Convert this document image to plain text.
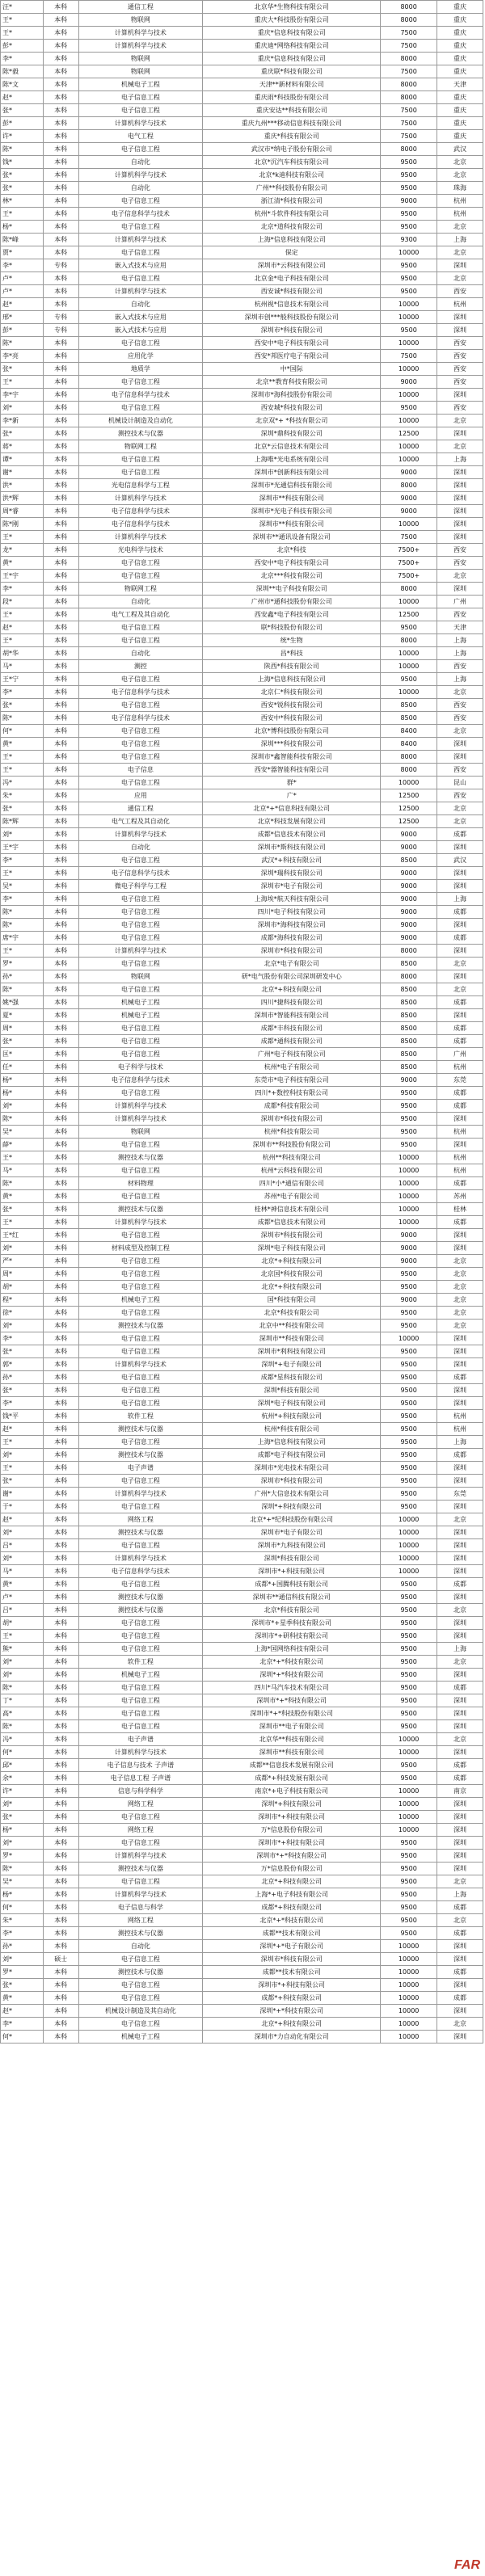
汪*	本科	通信工程	北京华*生物科技有限公司	8000	重庆
王*	本科	物联网	重庆大*科技股份有限公司	8000	重庆
王*	本科	计算机科学与技术	重庆*信息科技有限公司	7500	重庆
彭*	本科	计算机科学与技术	重庆迪*网络科技有限公司	7500	重庆
李*	本科	物联网	重庆*信息科技有限公司	8000	重庆
陈*毅	本科	物联网	重庆联*科技有限公司	7500	重庆
陈*文	本科	机械电子工程	天津**新材料有限公司	8000	天津
赵*	本科	电子信息工程	重庆雨*科技股份有限公司	8000	重庆
张*	本科	电子信息工程	重庆安达**科技有限公司	7500	重庆
彭*	本科	计算机科学与技术	重庆九州***移动信息科技有限公司	7500	重庆
许*	本科	电气工程	重庆*科技有限公司	7500	重庆
陈*	本科	电子信息工程	武汉市*纳电子股份有限公司	8000	武汉
钱*	本科	自动化	北京*沉汽车科技有限公司	9500	北京
张*	本科	计算机科学与技术	北京*k迪科技有限公司	9500	北京
张*	本科	自动化	广州**科技股份有限公司	9500	珠海
林*	本科	电子信息工程	浙江清*科技有限公司	9000	杭州
王*	本科	电子信息科学与技术	杭州*斗软件科技有限公司	9500	杭州
杨*	本科	电子信息工程	北京*道科技有限公司	9500	北京
陈*峰	本科	计算机科学与技术	上海*信息科技有限公司	9300	上海
贾*	本科	电子信息工程	保定	10000	北京
李*	专科	嵌入式技术与应用	深圳市*云科技有限公司	9500	深圳
卢*	本科	电子信息工程	北京金*电子科技有限公司	9500	北京
卢*	本科	计算机科学与技术	西安诚*科技有限公司	9500	西安
赵*	本科	自动化	杭州视*信息技术有限公司	10000	杭州
邢*	专科	嵌入式技术与应用	深圳市创***般科技股份有限公司	10000	深圳
彭*	专科	嵌入式技术与应用	深圳市*科技有限公司	9500	深圳
陈*	本科	电子信息工程	西安中*电子科技有限公司	10000	西安
李*亮	本科	应用化学	西安*邦医疗电子有限公司	7500	西安
张*	本科	地质学	中*国际	10000	西安
王*	本科	电子信息工程	北京**教育科技有限公司	9000	西安
李*宇	本科	电子信息科学与技术	深圳市*海科技股份有限公司	10000	深圳
刘*	本科	电子信息工程	西安城*科技有限公司	9500	西安
李*新	本科	机械设计制造及自动化	北京双*+ *科技有限公司	10000	北京
张*	本科	测控技术与仪器	深圳*鼎科技有限公司	12500	深圳
蒋*	本科	物联网工程	北京*云信息技术有限公司	10000	北京
谭*	本科	电子信息工程	上海唯*光电系统有限公司	10000	上海
谢*	本科	电子信息工程	深圳市*创新科技有限公司	9000	深圳
洪*	本科	光电信息科学与工程	深圳市*光通信科技有限公司	8000	深圳
洪*辉	本科	计算机科学与技术	深圳市**科技有限公司	9000	深圳
周*睿	本科	电子信息科学与技术	深圳市*光电子科技有限公司	9000	深圳
陈*刚	本科	电子信息科学与技术	深圳市**科技有限公司	10000	深圳
王*	本科	计算机科学与技术	深圳市**通讯设备有限公司	7500	深圳
龙*	本科	光电科学与技术	北京*科技	7500+	西安
黄*	本科	电子信息工程	西安中*电子科技有限公司	7500+	西安
王*宇	本科	电子信息工程	北京***科技有限公司	7500+	北京
李*	本科	物联网工程	深圳**电子科技有限公司	8000	深圳
段*	本科	自动化	广州市*通科技股份有限公司	10000	广州
王*	本科	电气工程及其自动化	西安鑫*电子科技有限公司	12500	西安
赵*	本科	电子信息工程	联*科技股份有限公司	9500	天津
王*	本科	电子信息工程	统*生物	8000	上海
胡*华	本科	自动化	昌*科技	10000	上海
马*	本科	测控	陕西*科技有限公司	10000	西安
王*宁	本科	电子信息工程	上海*信息科技有限公司	9500	上海
李*	本科	电子信息科学与技术	北京仁*科技有限公司	10000	北京
张*	本科	电子信息工程	西安*锐科技有限公司	8500	西安
陈*	本科	电子信息科学与技术	西安中*科技有限公司	8500	西安
何*	本科	电子信息工程	北京*博科技股份有限公司	8400	北京
黄*	本科	电子信息工程	深圳***科技有限公司	8400	深圳
王*	本科	电子信息工程	深圳市*鑫智能科技有限公司	8000	深圳
王*	本科	电子信息	西安*器智能科技有限公司	8000	西安
冯*	本科	电子信息工程	群*	10000	昆山
朱*	本科	应用	广*	12500	西安
张*	本科	通信工程	北京*+*信息科技有限公司	12500	北京
陈*辉	本科	电气工程及其自动化	北京*科技发展有限公司	12500	北京
刘*	本科	计算机科学与技术	成都*信息技术有限公司	9000	成都
王*宇	本科	自动化	深圳市*斯科技有限公司	9000	深圳
李*	本科	电子信息工程	武汉*+科技有限公司	8500	武汉
王*	本科	电子信息科学与技术	深圳*瑞科技有限公司	9000	深圳
吴*	本科	微电子科学与工程	深圳市*电子有限公司	9000	深圳
李*	本科	电子信息工程	上海埃*航天科技有限公司	9000	上海
陈*	本科	电子信息工程	四川*电子科技有限公司	9000	成都
陈*	本科	电子信息工程	深圳市*海科技有限公司	9000	深圳
席*宇	本科	电子信息工程	成都*海科技有限公司	9000	成都
王*	本科	计算机科学与技术	深圳市*科技有限公司	8000	深圳
罗*	本科	电子信息工程	北京*电子有限公司	8500	北京
孙*	本科	物联网	研*电气股份有限公司深圳研发中心	8000	深圳
陈*	本科	电子信息工程	北京*+科技有限公司	8500	北京
姚*强	本科	机械电子工程	四川*捷科技有限公司	8500	成都
夏*	本科	机械电子工程	深圳市*智能科技有限公司	8500	深圳
周*	本科	电子信息工程	成都*丰科技有限公司	8500	成都
张*	本科	电子信息工程	成都*通科技有限公司	8500	成都
匡*	本科	电子信息工程	广州*电子科技有限公司	8500	广州
任*	本科	电子科学与技术	杭州*电子有限公司	8500	杭州
杨*	本科	电子信息科学与技术	东莞市*电子科技有限公司	9000	东莞
杨*	本科	电子信息工程	四川*+数控科技有限公司	9500	成都
刘*	本科	计算机科学与技术	成都*科技有限公司	9500	成都
陈*	本科	计算机科学与技术	深圳市*科技有限公司	9500	深圳
吴*	本科	物联网	杭州*科技有限公司	9500	杭州
薛*	本科	电子信息工程	深圳市**科技股份有限公司	9500	深圳
王*	本科	测控技术与仪器	杭州**科技有限公司	10000	杭州
马*	本科	电子信息工程	杭州*云科技有限公司	10000	杭州
陈*	本科	材料物理	四川*小*通信有限公司	10000	成都
黄*	本科	电子信息工程	苏州*电子有限公司	10000	苏州
张*	本科	测控技术与仪器	桂林*神信息技术有限公司	10000	桂林
王*	本科	计算机科学与技术	成都*信息技术有限公司	10000	成都
王*红	本科	电子信息工程	深圳市*科技有限公司	9000	深圳
刘*	本科	材料成型及控制工程	深圳*电子科技有限公司	9000	深圳
严*	本科	电子信息工程	北京*+科技有限公司	9000	北京
周*	本科	电子信息工程	北京国*科技有限公司	9500	北京
胡*	本科	电子信息工程	北京*+科技有限公司	9500	北京
程*	本科	机械电子工程	国*科技有限公司	9000	北京
徐*	本科	电子信息工程	北京*科技有限公司	9500	北京
刘*	本科	测控技术与仪器	北京中**科技有限公司	9500	北京
李*	本科	电子信息工程	深圳市**科技有限公司	10000	深圳
张*	本科	电子信息工程	深圳市*利科技有限公司	9500	深圳
郭*	本科	计算机科学与技术	深圳*+电子有限公司	9500	深圳
孙*	本科	电子信息工程	成都*星科技有限公司	9500	成都
张*	本科	电子信息工程	深圳*科技有限公司	9500	深圳
李*	本科	电子信息工程	深圳*电子科技有限公司	9500	深圳
钱*平	本科	软件工程	杭州*+科技有限公司	9500	杭州
赵*	本科	测控技术与仪器	杭州*科技有限公司	9500	杭州
王*	本科	电子信息工程	上海*信息科技有限公司	9500	上海
刘*	本科	测控技术与仪器	成都*电子科技有限公司	9500	成都
王*	本科	电子声谱	深圳市*光电技术有限公司	9500	深圳
张*	本科	电子信息工程	深圳市*科技有限公司	9500	深圳
谢*	本科	计算机科学与技术	广州*大信息技术有限公司	9500	东莞
于*	本科	电子信息工程	深圳*+科技有限公司	9500	深圳
赵*	本科	网络工程	北京*+*纪科技股份有限公司	10000	北京
刘*	本科	测控技术与仪器	深圳市*电子有限公司	10000	深圳
吕*	本科	电子信息工程	深圳市*九科技有限公司	10000	深圳
刘*	本科	计算机科学与技术	深圳*科技有限公司	10000	深圳
马*	本科	电子信息科学与技术	深圳市*+科技有限公司	10000	深圳
黄*	本科	电子信息工程	成都*+国腾科技有限公司	9500	成都
卢*	本科	测控技术与仪器	深圳市**通信科技有限公司	9500	深圳
吕*	本科	测控技术与仪器	北京*科技有限公司	9500	北京
胡*	本科	电子信息工程	深圳市*+星季科技有限公司	9500	深圳
王*	本科	电子信息工程	深圳市*+研科技有限公司	9500	深圳
熊*	本科	电子信息工程	上海*国网络科技有限公司	9500	上海
刘*	本科	软件工程	北京*+*科技有限公司	9500	北京
刘*	本科	机械电子工程	深圳*+*科技有限公司	9500	深圳
陈*	本科	电子信息工程	四川*马汽车技术有限公司	9500	成都
丁*	本科	电子信息工程	深圳市*+*科技有限公司	9500	深圳
高*	本科	电子信息工程	深圳市*+*科技股份有限公司	9500	深圳
陈*	本科	电子信息工程	深圳市**电子有限公司	9500	深圳
冯*	本科	电子声谱	北京华**科技有限公司	10000	北京
何*	本科	计算机科学与技术	深圳市**科技有限公司	10000	深圳
邱*	本科	电子信息与技术 子声谱	成都**信息技术发展有限公司	9500	成都
余*	本科	电子信息工程 子声谱	成都*+科技发展有限公司	9500	成都
许*	本科	信息与科学科学	南京*+电子科技有限公司	10000	南京
刘*	本科	网络工程	深圳*+科技有限公司	10000	深圳
张*	本科	电子信息工程	深圳市*+科技有限公司	10000	深圳
杨*	本科	网络工程	万*信息股份有限公司	10000	深圳
刘*	本科	电子信息工程	深圳市*+科技有限公司	9500	深圳
罗*	本科	计算机科学与技术	深圳市*+*科技有限公司	9500	深圳
陈*	本科	测控技术与仪器	万*信息股份有限公司	9500	深圳
吴*	本科	电子信息工程	北京*+科技有限公司	9500	北京
杨*	本科	计算机科学与技术	上海*+电子科技有限公司	9500	上海
何*	本科	电子信息与科学	成都*+科技有限公司	9500	成都
朱*	本科	网络工程	北京*+*科技有限公司	9500	北京
李*	本科	测控技术与仪器	成都**技术有限公司	9500	成都
孙*	本科	自动化	深圳*+*电子有限公司	10000	深圳
刘*	硕士	电子信息工程	深圳市*科技有限公司	10000	深圳
罗*	本科	测控技术与仪器	成都**技术有限公司	10000	成都
张*	本科	电子信息工程	深圳市*+科技有限公司	10000	深圳
黄*	本科	电子信息工程	成都*+科技有限公司	10000	成都
赵*	本科	机械设计制造及其自动化	深圳*+*科技有限公司	10000	深圳
李*	本科	电子信息工程	北京*+科技有限公司	10000	北京
何*	本科	机械电子工程	深圳市*力自动化有限公司	10000	深圳
FAR
